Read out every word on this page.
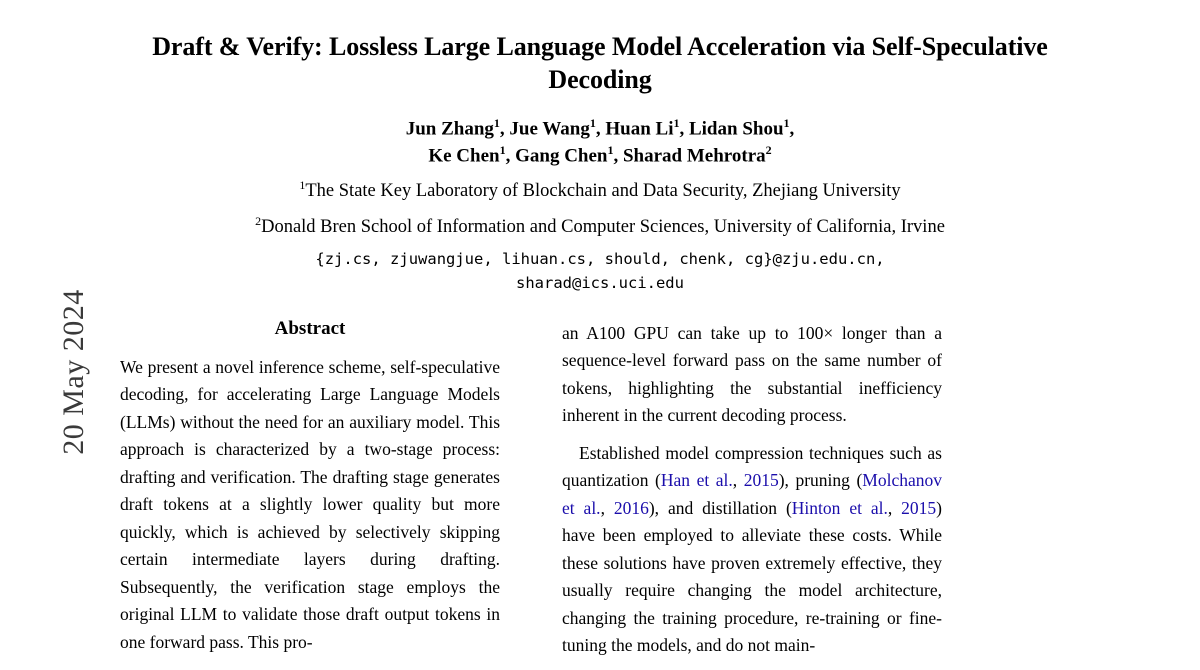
20 May 2024
Draft & Verify: Lossless Large Language Model Acceleration via Self-Speculative Decoding
Jun Zhang$^1$, Jue Wang$^1$, Huan Li$^1$, Lidan Shou$^1$,
Ke Chen$^1$, Gang Chen$^1$, Sharad Mehrotra$^2$
$^1$The State Key Laboratory of Blockchain and Data Security, Zhejiang University
$^2$Donald Bren School of Information and Computer Sciences, University of California, Irvine
{zj.cs, zjuwangjue, lihuan.cs, should, chenk, cg}@zju.edu.cn,
sharad@ics.uci.edu
Abstract

We present a novel inference scheme, self-speculative decoding, for accelerating Large Language Models (LLMs) without the need for an auxiliary model. This approach is characterized by a two-stage process: drafting and verification. The drafting stage generates draft tokens at a slightly lower quality but more quickly, which is achieved by selectively skipping certain intermediate layers during drafting. Subsequently, the verification stage employs the original LLM to validate those draft output tokens in one forward pass. This pro-

an A100 GPU can take up to 100× longer than a sequence-level forward pass on the same number of tokens, highlighting the substantial inefficiency inherent in the current decoding process.

Established model compression techniques such as quantization (Han et al., 2015), pruning (Molchanov et al., 2016), and distillation (Hinton et al., 2015) have been employed to alleviate these costs. While these solutions have proven extremely effective, they usually require changing the model architecture, changing the training procedure, re-training or fine-tuning the models, and do not main-
